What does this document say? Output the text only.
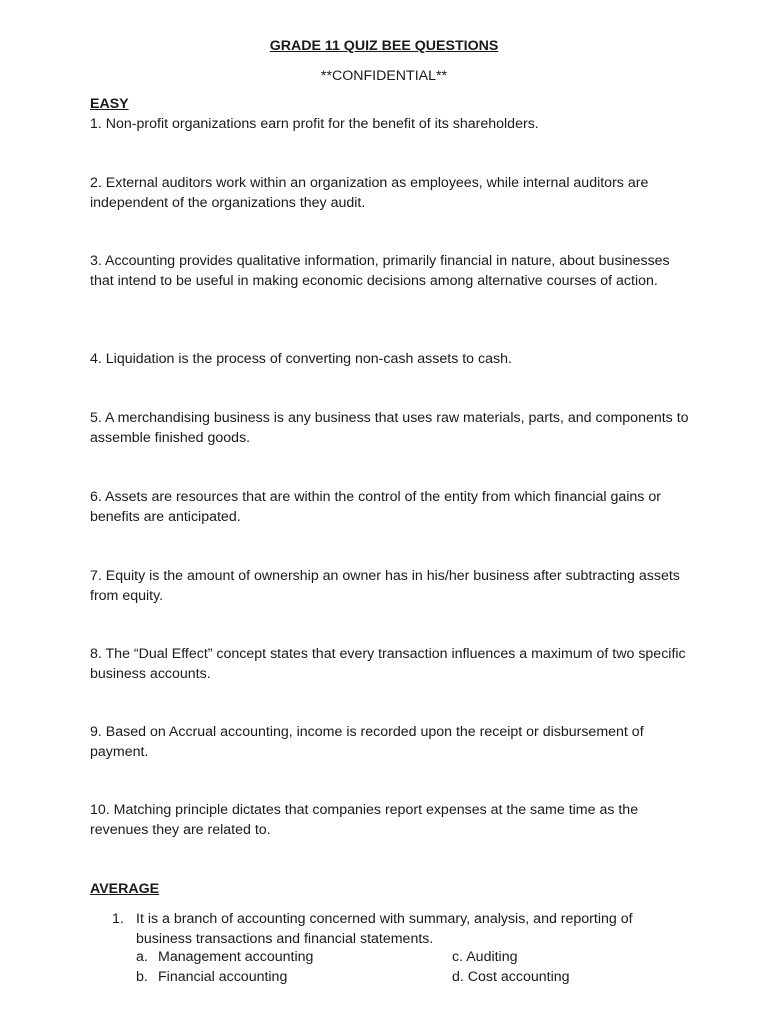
GRADE 11 QUIZ BEE QUESTIONS
**CONFIDENTIAL**
EASY
1. Non-profit organizations earn profit for the benefit of its shareholders.
2. External auditors work within an organization as employees, while internal auditors are independent of the organizations they audit.
3. Accounting provides qualitative information, primarily financial in nature, about businesses that intend to be useful in making economic decisions among alternative courses of action.
4. Liquidation is the process of converting non-cash assets to cash.
5. A merchandising business is any business that uses raw materials, parts, and components to assemble finished goods.
6. Assets are resources that are within the control of the entity from which financial gains or benefits are anticipated.
7. Equity is the amount of ownership an owner has in his/her business after subtracting assets from equity.
8. The “Dual Effect” concept states that every transaction influences a maximum of two specific business accounts.
9. Based on Accrual accounting, income is recorded upon the receipt or disbursement of payment.
10. Matching principle dictates that companies report expenses at the same time as the revenues they are related to.
AVERAGE
1. It is a branch of accounting concerned with summary, analysis, and reporting of business transactions and financial statements.
a. Management accounting	c. Auditing
b. Financial accounting	d. Cost accounting
